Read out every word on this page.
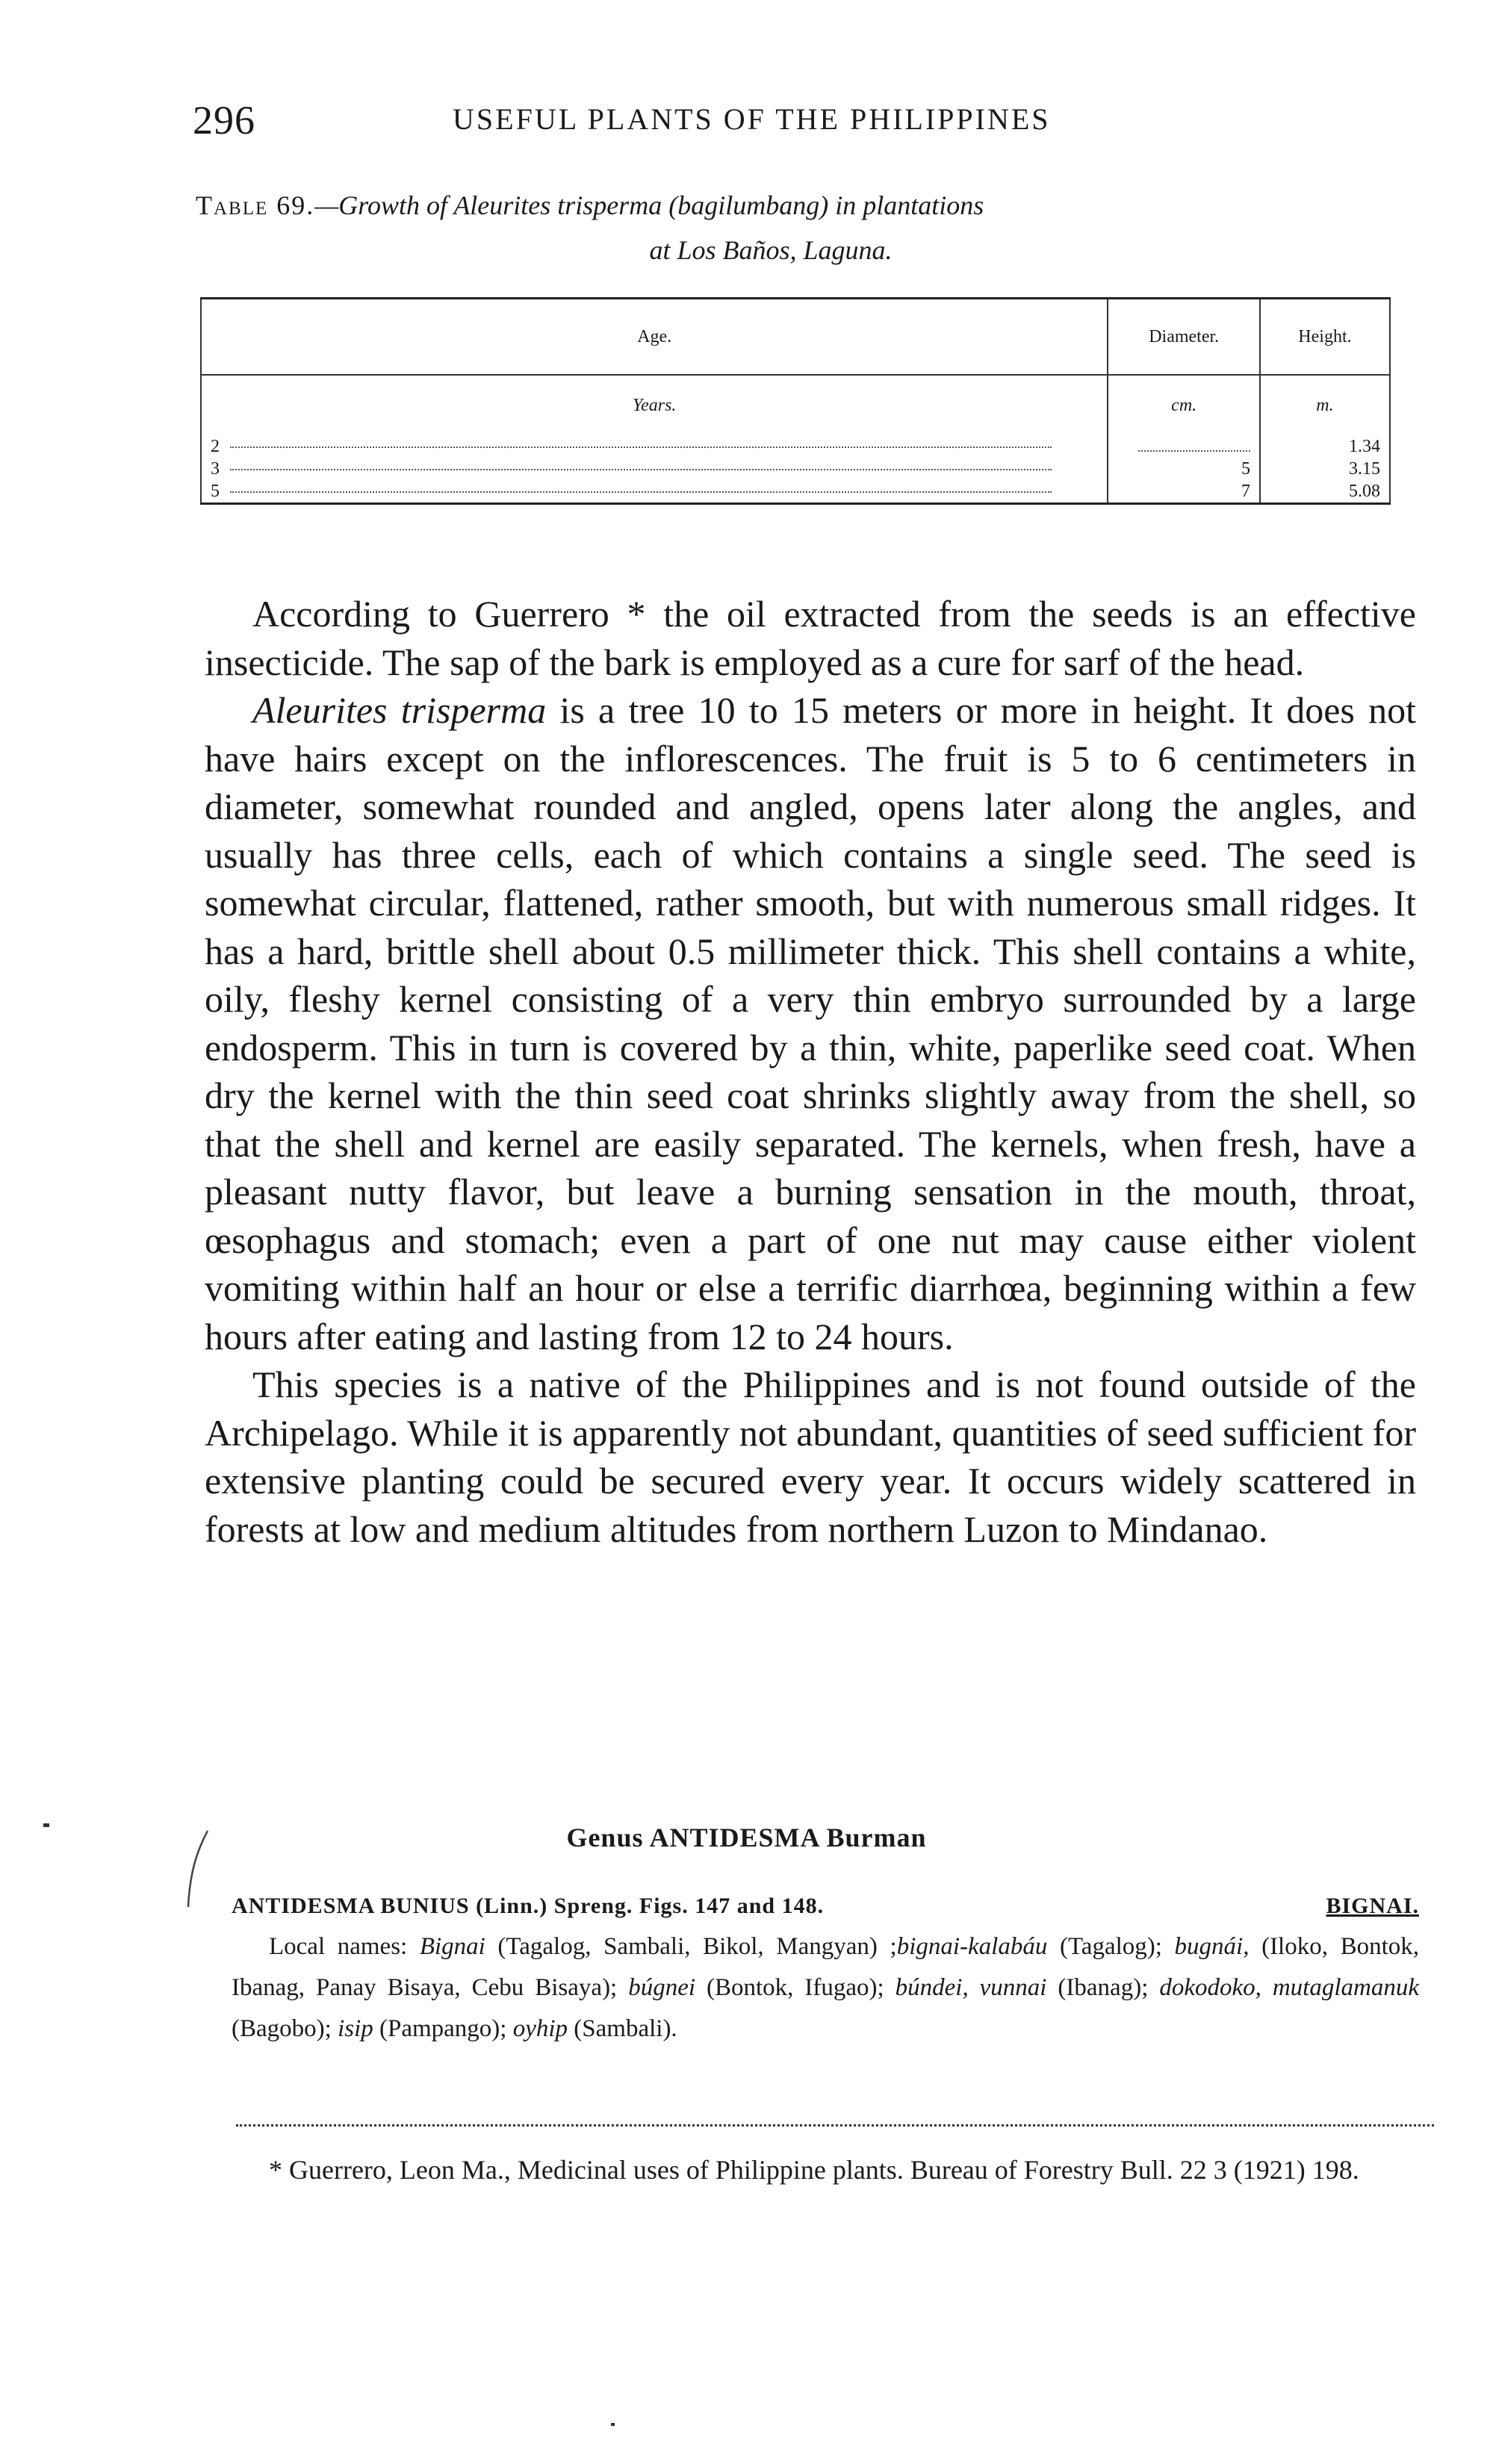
296	USEFUL PLANTS OF THE PHILIPPINES
Table 69.—Growth of Aleurites trisperma (bagilumbang) in plantations
at Los Baños, Laguna.
Age.	Diameter.	Height.
Years.	cm.	m.
2		1.34
3	5	3.15
5	7	5.08

According to Guerrero * the oil extracted from the seeds is an effective insecticide. The sap of the bark is employed as a cure for sarf of the head.

Aleurites trisperma is a tree 10 to 15 meters or more in height. It does not have hairs except on the inflorescences. The fruit is 5 to 6 centimeters in diameter, somewhat rounded and angled, opens later along the angles, and usually has three cells, each of which contains a single seed. The seed is somewhat circular, flattened, rather smooth, but with numerous small ridges. It has a hard, brittle shell about 0.5 millimeter thick. This shell contains a white, oily, fleshy kernel consisting of a very thin embryo surrounded by a large endosperm. This in turn is covered by a thin, white, paperlike seed coat. When dry the kernel with the thin seed coat shrinks slightly away from the shell, so that the shell and kernel are easily separated. The kernels, when fresh, have a pleasant nutty flavor, but leave a burning sensation in the mouth, throat, œsophagus and stomach; even a part of one nut may cause either violent vomiting within half an hour or else a terrific diarrhœa, beginning within a few hours after eating and lasting from 12 to 24 hours.

This species is a native of the Philippines and is not found outside of the Archipelago. While it is apparently not abundant, quantities of seed sufficient for extensive planting could be secured every year. It occurs widely scattered in forests at low and medium altitudes from northern Luzon to Mindanao.

Genus ANTIDESMA Burman
ANTIDESMA BUNIUS (Linn.) Spreng. Figs. 147 and 148.	BIGNAI.
Local names: Bignai (Tagalog, Sambali, Bikol, Mangyan) ;bignai-kalabáu (Tagalog); bugnái, (Iloko, Bontok, Ibanag, Panay Bisaya, Cebu Bisaya); búgnei (Bontok, Ifugao); búndei, vunnai (Ibanag); dokodoko, mutaglamanuk (Bagobo); isip (Pampango); oyhip (Sambali).
* Guerrero, Leon Ma., Medicinal uses of Philippine plants. Bureau of Forestry Bull. 22 3 (1921) 198.
